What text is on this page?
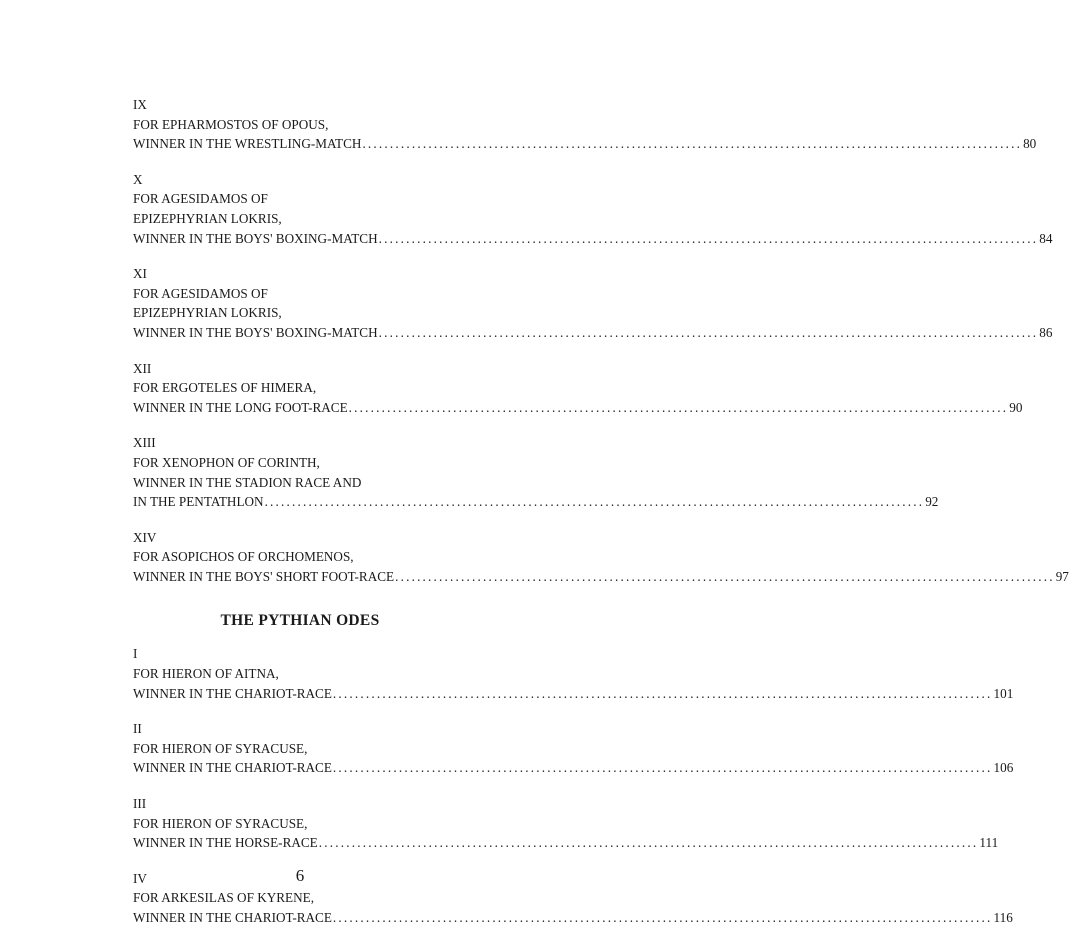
IX
FOR EPHARMOSTOS OF OPOUS,
WINNER IN THE WRESTLING-MATCH ........................................................................................................................ 80
X
FOR AGESIDAMOS OF
EPIZEPHYRIAN LOKRIS,
WINNER IN THE BOYS' BOXING-MATCH ........................................................................................................................ 84
XI
FOR AGESIDAMOS OF
EPIZEPHYRIAN LOKRIS,
WINNER IN THE BOYS' BOXING-MATCH ........................................................................................................................ 86
XII
FOR ERGOTELES OF HIMERA,
WINNER IN THE LONG FOOT-RACE ........................................................................................................................ 90
XIII
FOR XENOPHON OF CORINTH,
WINNER IN THE STADION RACE AND
IN THE PENTATHLON ........................................................................................................................ 92
XIV
FOR ASOPICHOS OF ORCHOMENOS,
WINNER IN THE BOYS' SHORT FOOT-RACE ........................................................................................................................ 97
THE PYTHIAN ODES
I
FOR HIERON OF AITNA,
WINNER IN THE CHARIOT-RACE ........................................................................................................................ 101
II
FOR HIERON OF SYRACUSE,
WINNER IN THE CHARIOT-RACE ........................................................................................................................ 106
III
FOR HIERON OF SYRACUSE,
WINNER IN THE HORSE-RACE ........................................................................................................................ 111
IV
FOR ARKESILAS OF KYRENE,
WINNER IN THE CHARIOT-RACE ........................................................................................................................ 116
6
